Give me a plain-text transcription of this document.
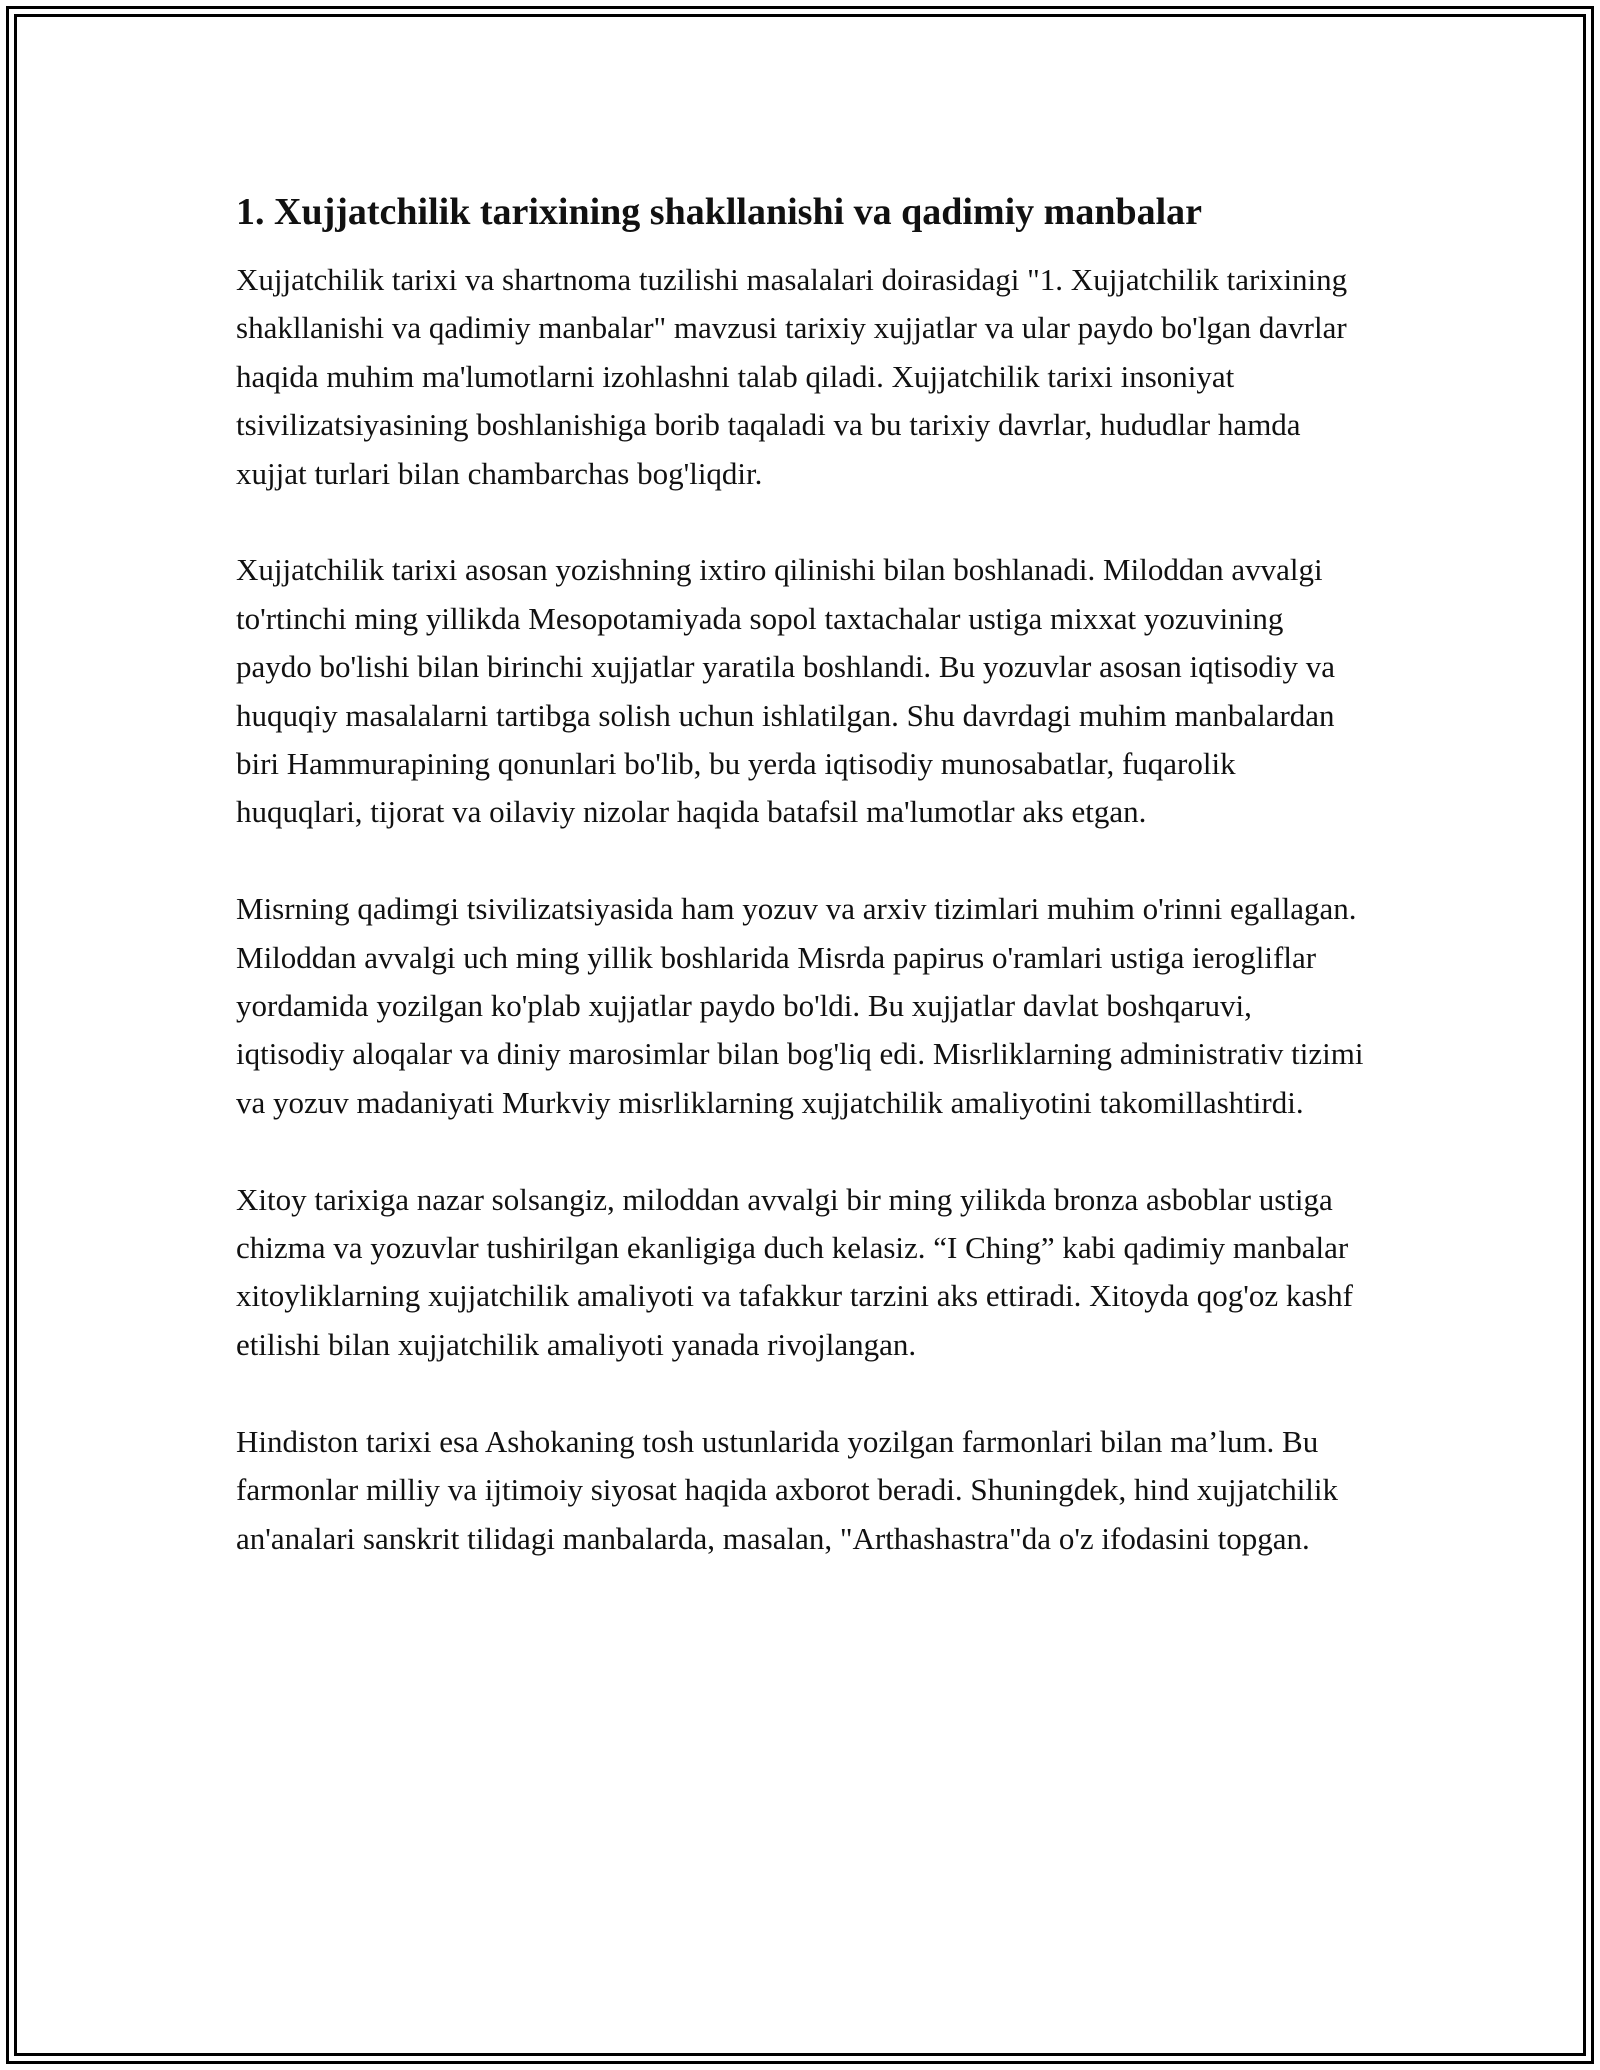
1. Xujjatchilik tarixining shakllanishi va qadimiy manbalar

Xujjatchilik tarixi va shartnoma tuzilishi masalalari doirasidagi "1. Xujjatchilik tarixining shakllanishi va qadimiy manbalar" mavzusi tarixiy xujjatlar va ular paydo bo'lgan davrlar haqida muhim ma'lumotlarni izohlashni talab qiladi. Xujjatchilik tarixi insoniyat tsivilizatsiyasining boshlanishiga borib taqaladi va bu tarixiy davrlar, hududlar hamda xujjat turlari bilan chambarchas bog'liqdir.

Xujjatchilik tarixi asosan yozishning ixtiro qilinishi bilan boshlanadi. Miloddan avvalgi to'rtinchi ming yillikda Mesopotamiyada sopol taxtachalar ustiga mixxat yozuvining paydo bo'lishi bilan birinchi xujjatlar yaratila boshlandi. Bu yozuvlar asosan iqtisodiy va huquqiy masalalarni tartibga solish uchun ishlatilgan. Shu davrdagi muhim manbalardan biri Hammurapining qonunlari bo'lib, bu yerda iqtisodiy munosabatlar, fuqarolik huquqlari, tijorat va oilaviy nizolar haqida batafsil ma'lumotlar aks etgan.

Misrning qadimgi tsivilizatsiyasida ham yozuv va arxiv tizimlari muhim o'rinni egallagan. Miloddan avvalgi uch ming yillik boshlarida Misrda papirus o'ramlari ustiga ierogliflar yordamida yozilgan ko'plab xujjatlar paydo bo'ldi. Bu xujjatlar davlat boshqaruvi, iqtisodiy aloqalar va diniy marosimlar bilan bog'liq edi. Misrliklarning administrativ tizimi va yozuv madaniyati Murkviy misrliklarning xujjatchilik amaliyotini takomillashtirdi.

Xitoy tarixiga nazar solsangiz, miloddan avvalgi bir ming yilikda bronza asboblar ustiga chizma va yozuvlar tushirilgan ekanligiga duch kelasiz. “I Ching” kabi qadimiy manbalar xitoyliklarning xujjatchilik amaliyoti va tafakkur tarzini aks ettiradi. Xitoyda qog'oz kashf etilishi bilan xujjatchilik amaliyoti yanada rivojlangan.

Hindiston tarixi esa Ashokaning tosh ustunlarida yozilgan farmonlari bilan ma’lum. Bu farmonlar milliy va ijtimoiy siyosat haqida axborot beradi. Shuningdek, hind xujjatchilik an'analari sanskrit tilidagi manbalarda, masalan, "Arthashastra"da o'z ifodasini topgan.
